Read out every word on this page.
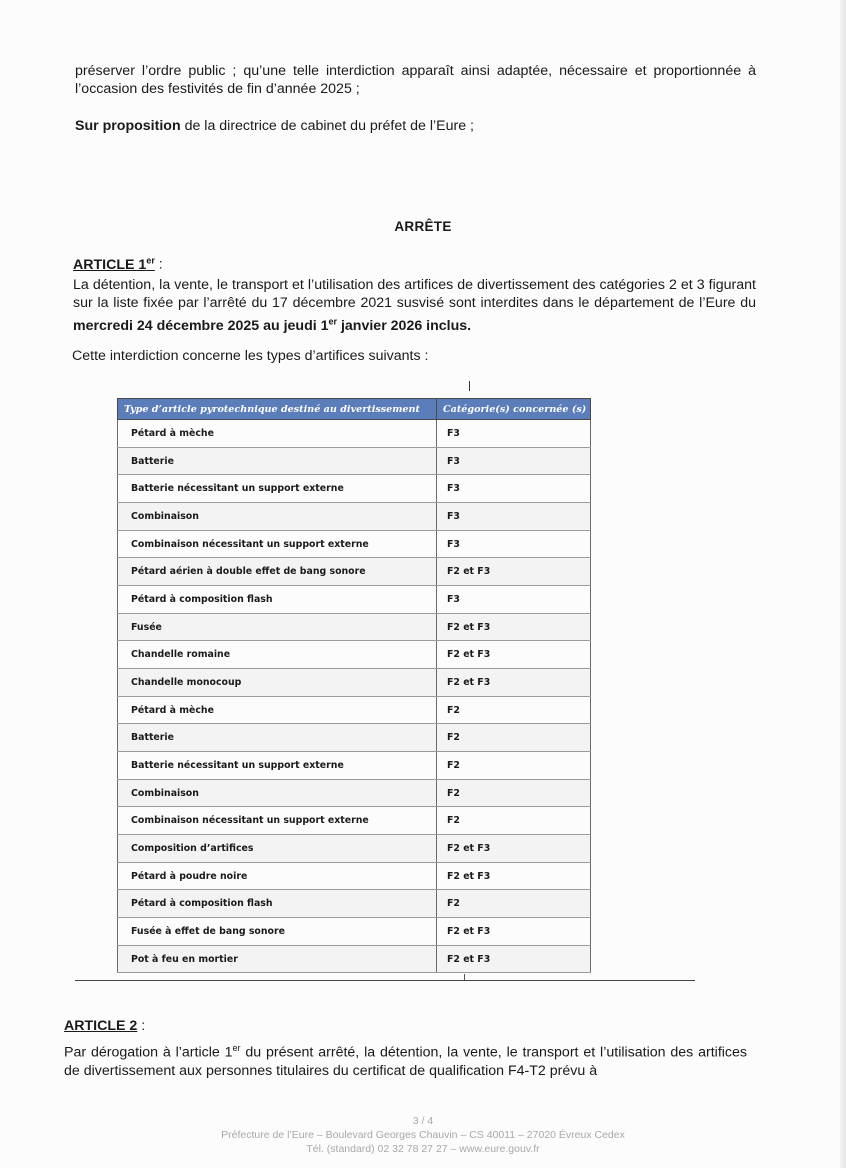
préserver l’ordre public ; qu’une telle interdiction apparaît ainsi adaptée, nécessaire et proportionnée à l’occasion des festivités de fin d’année 2025 ;

Sur proposition de la directrice de cabinet du préfet de l’Eure ;

ARRÊTE
ARTICLE 1er :

La détention, la vente, le transport et l’utilisation des artifices de divertissement des catégories 2 et 3 figurant sur la liste fixée par l’arrêté du 17 décembre 2021 susvisé sont interdites dans le département de l’Eure du mercredi 24 décembre 2025 au jeudi 1er janvier 2026 inclus.

Cette interdiction concerne les types d’artifices suivants :

Type d’article pyrotechnique destiné au divertissement	Catégorie(s) concernée (s)
Pétard à mèche	F3
Batterie	F3
Batterie nécessitant un support externe	F3
Combinaison	F3
Combinaison nécessitant un support externe	F3
Pétard aérien à double effet de bang sonore	F2 et F3
Pétard à composition flash	F3
Fusée	F2 et F3
Chandelle romaine	F2 et F3
Chandelle monocoup	F2 et F3
Pétard à mèche	F2
Batterie	F2
Batterie nécessitant un support externe	F2
Combinaison	F2
Combinaison nécessitant un support externe	F2
Composition d’artifices	F2 et F3
Pétard à poudre noire	F2 et F3
Pétard à composition flash	F2
Fusée à effet de bang sonore	F2 et F3
Pot à feu en mortier	F2 et F3
ARTICLE 2 :

Par dérogation à l’article 1er du présent arrêté, la détention, la vente, le transport et l’utilisation des artifices de divertissement aux personnes titulaires du certificat de qualification F4-T2 prévu à

3 / 4
Préfecture de l’Eure – Boulevard Georges Chauvin – CS 40011 – 27020 Évreux Cedex
Tél. (standard) 02 32 78 27 27 – www.eure.gouv.fr
